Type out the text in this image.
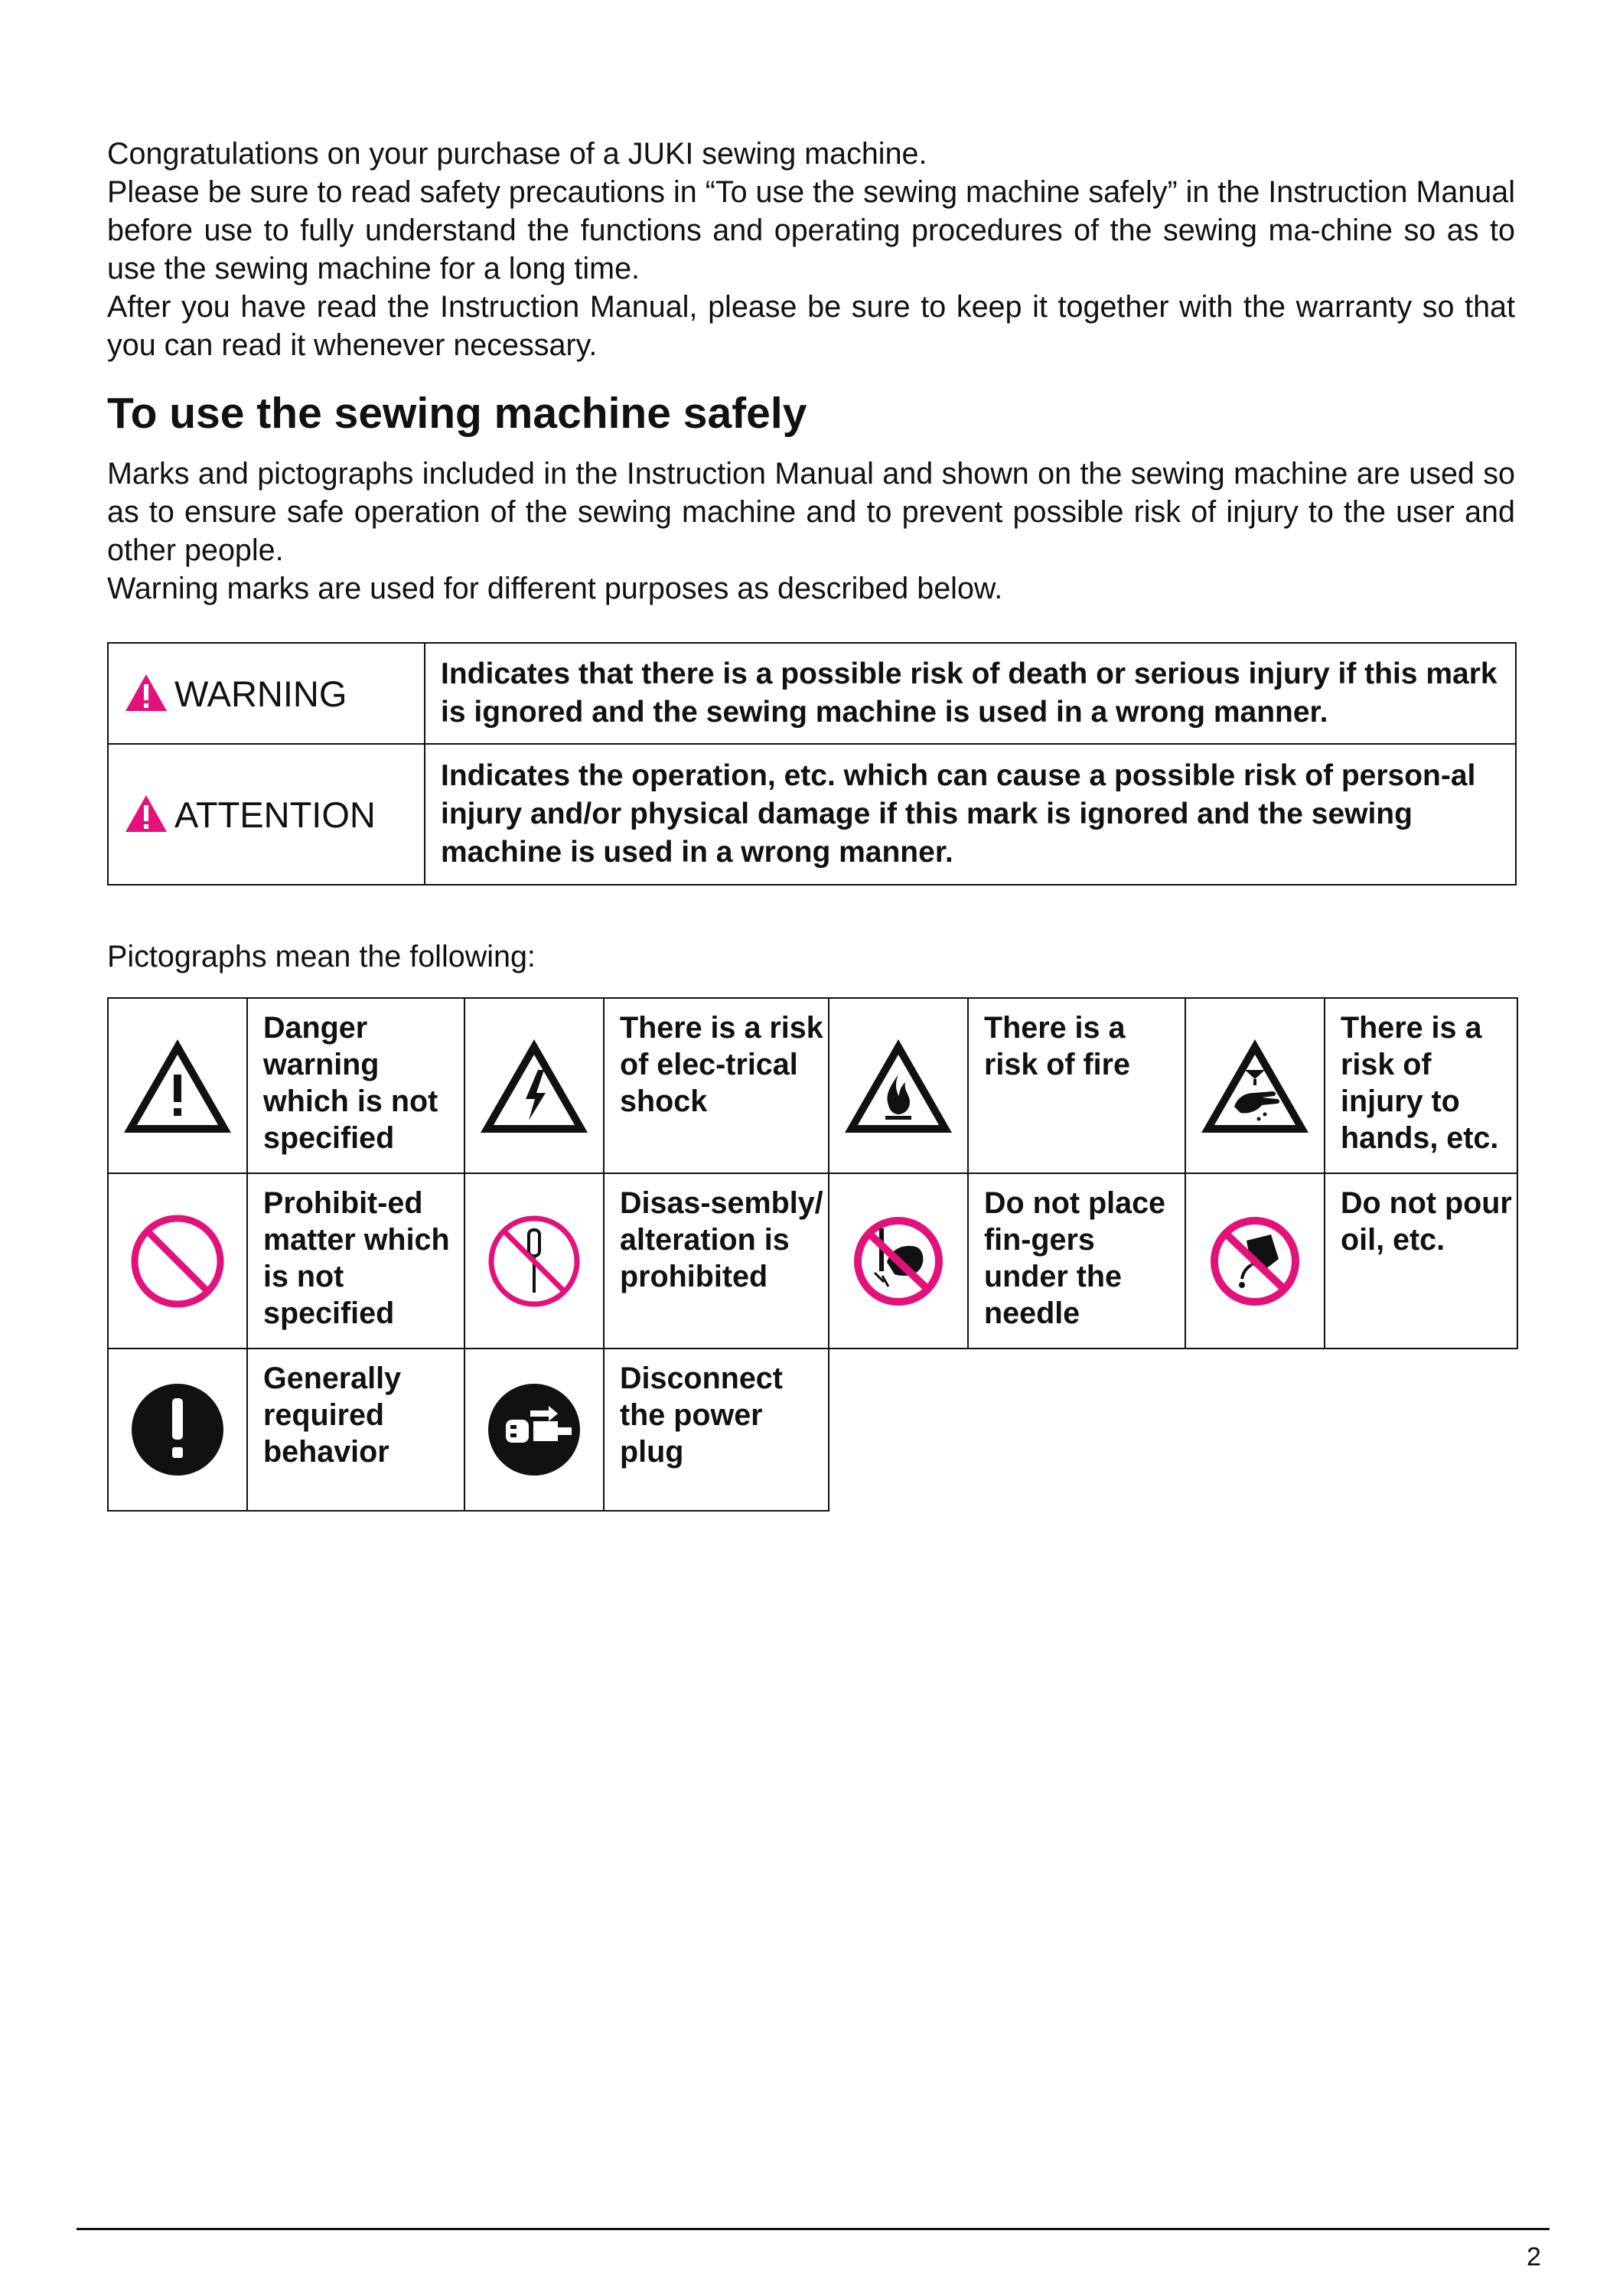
Congratulations on your purchase of a JUKI sewing machine.

Please be sure to read safety precautions in “To use the sewing machine safely” in the Instruction Manual before use to fully understand the functions and operating procedures of the sewing ma-chine so as to use the sewing machine for a long time.

After you have read the Instruction Manual, please be sure to keep it together with the warranty so that you can read it whenever necessary.

To use the sewing machine safely

Marks and pictographs included in the Instruction Manual and shown on the sewing machine are used so as to ensure safe operation of the sewing machine and to prevent possible risk of injury to the user and other people.

Warning marks are used for different purposes as described below.

WARNING	Indicates that there is a possible risk of death or serious injury if this mark is ignored and the sewing machine is used in a wrong manner.
ATTENTION	Indicates the operation, etc. which can cause a possible risk of person-al injury and/or physical damage if this mark is ignored and the sewing machine is used in a wrong manner.

Pictographs mean the following:

	Danger warning which is not specified		There is a risk of elec-trical shock		There is a risk of fire		There is a risk of injury to hands, etc.

	Prohibit-ed matter which is not specified		Disas-sembly/ alteration is prohibited		Do not place fin-gers under the needle		Do not pour oil, etc.

	Generally required behavior		Disconnect the power plug				
2
